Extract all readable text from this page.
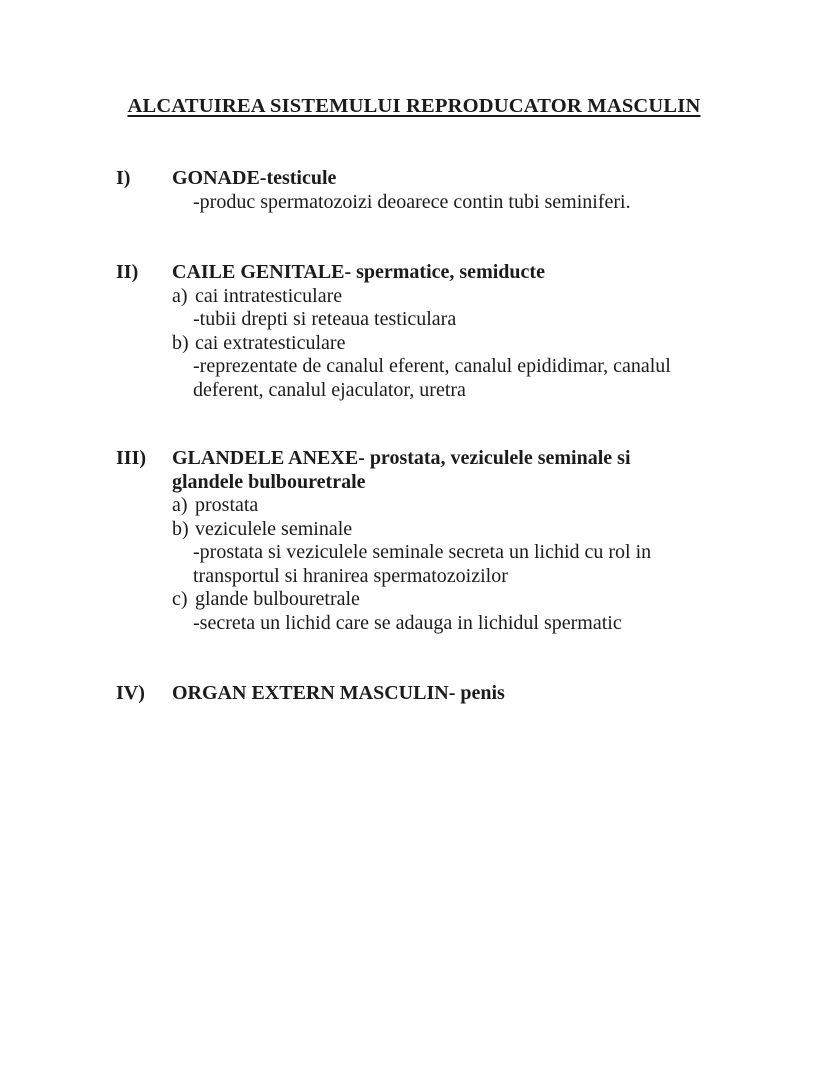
ALCATUIREA SISTEMULUI REPRODUCATOR MASCULIN
I)	GONADE-testicule
-produc spermatozoizi deoarece contin tubi seminiferi.
II)	CAILE GENITALE- spermatice, semiducte
a) cai intratesticulare
-tubii drepti si reteaua testiculara
b) cai extratesticulare
-reprezentate de canalul eferent, canalul epididimar, canalul deferent, canalul ejaculator, uretra
III)	GLANDELE ANEXE- prostata, veziculele seminale si glandele bulbouretrale
a) prostata
b) veziculele seminale
-prostata si veziculele seminale secreta un lichid cu rol in transportul si hranirea spermatozoizilor
c) glande bulbouretrale
-secreta un lichid care se adauga in lichidul spermatic
IV)	ORGAN EXTERN MASCULIN- penis
